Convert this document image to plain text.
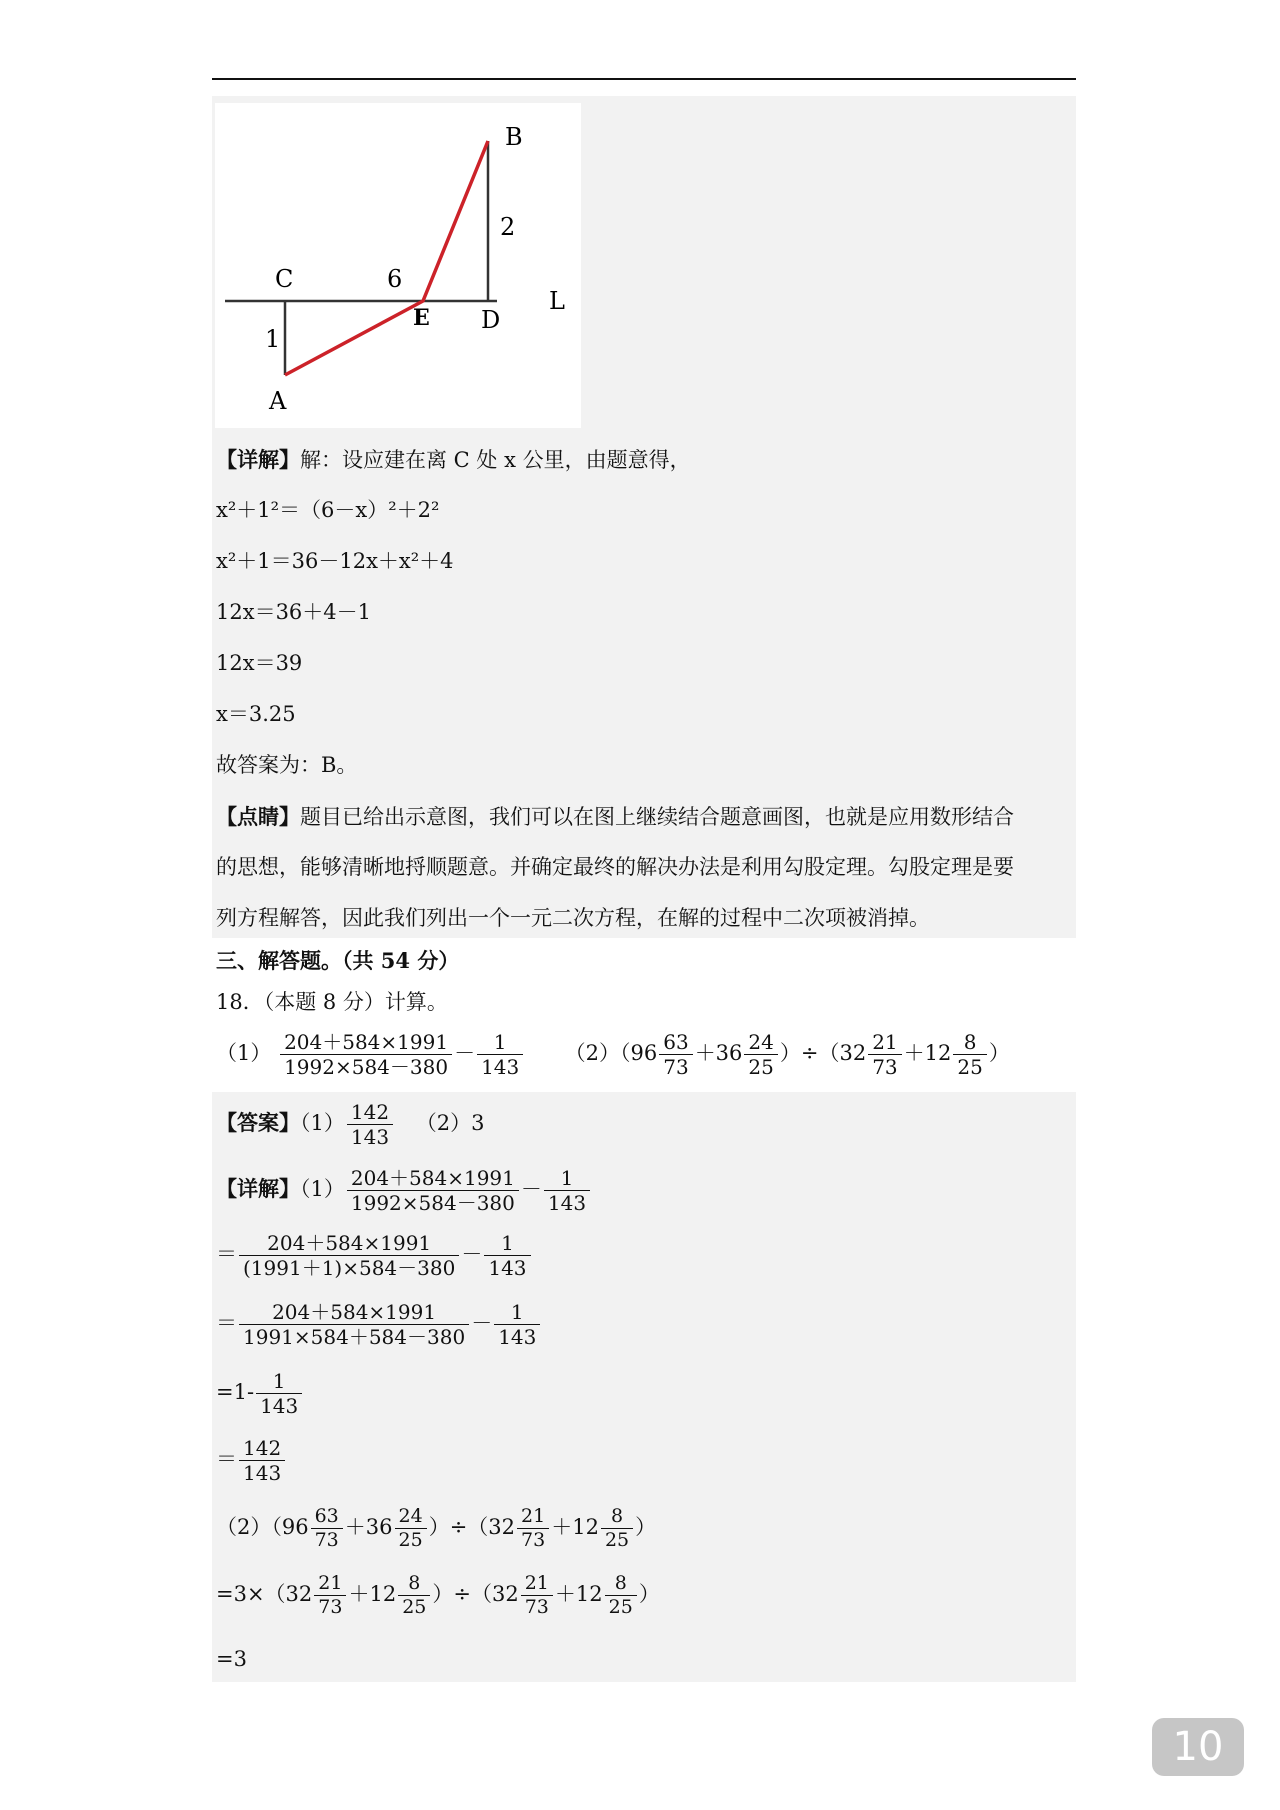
B
C	6
E D
L
1
A
2
【详解】解：设应建在离 C 处 x 公里，由题意得，
x²＋1²＝（6－x）²＋2²
x²＋1＝36－12x＋x²＋4
12x＝36＋4－1
12x＝39
x＝3.25
故答案为：B。
【点睛】题目已给出示意图，我们可以在图上继续结合题意画图，也就是应用数形结合
的思想，能够清晰地捋顺题意。并确定最终的解决办法是利用勾股定理。勾股定理是要
列方程解答，因此我们列出一个一元二次方程，在解的过程中二次项被消掉。
三、解答题。（共 54 分）
18．（本题 8 分）计算。
$(1) \frac{204+584\times 1991}{1992\times 584-380} - \frac{1}{143} (2)(96 \frac{63}{73} +36 \frac{24}{25} )\div(32 \frac{21}{73} +12 \frac{8}{25}$ ）
【答案】$(1) \frac{142}{143} (2)3$
【详解】$(1) \frac{204+584\times 1991}{1992\times 584-380} - \frac{1}{143}$
＝ $\frac{204+584\times 1991}{(1991+1)\times 584-380} - \frac{1}{143}$
＝ $\frac{204+584\times 1991}{1991\times 584+584-380} - \frac{1}{143}$
$=1- \frac{1}{143}$
＝ $\frac{142}{143}$
$(2)(96 \frac{63}{73} +36 \frac{24}{25} )\div(32 \frac{21}{73} +12 \frac{8}{25}$ ）
$=3\times(32 \frac{21}{73} +12 \frac{8}{25} )\div(32 \frac{21}{73} +12 \frac{8}{25}$ ）
=3
10
